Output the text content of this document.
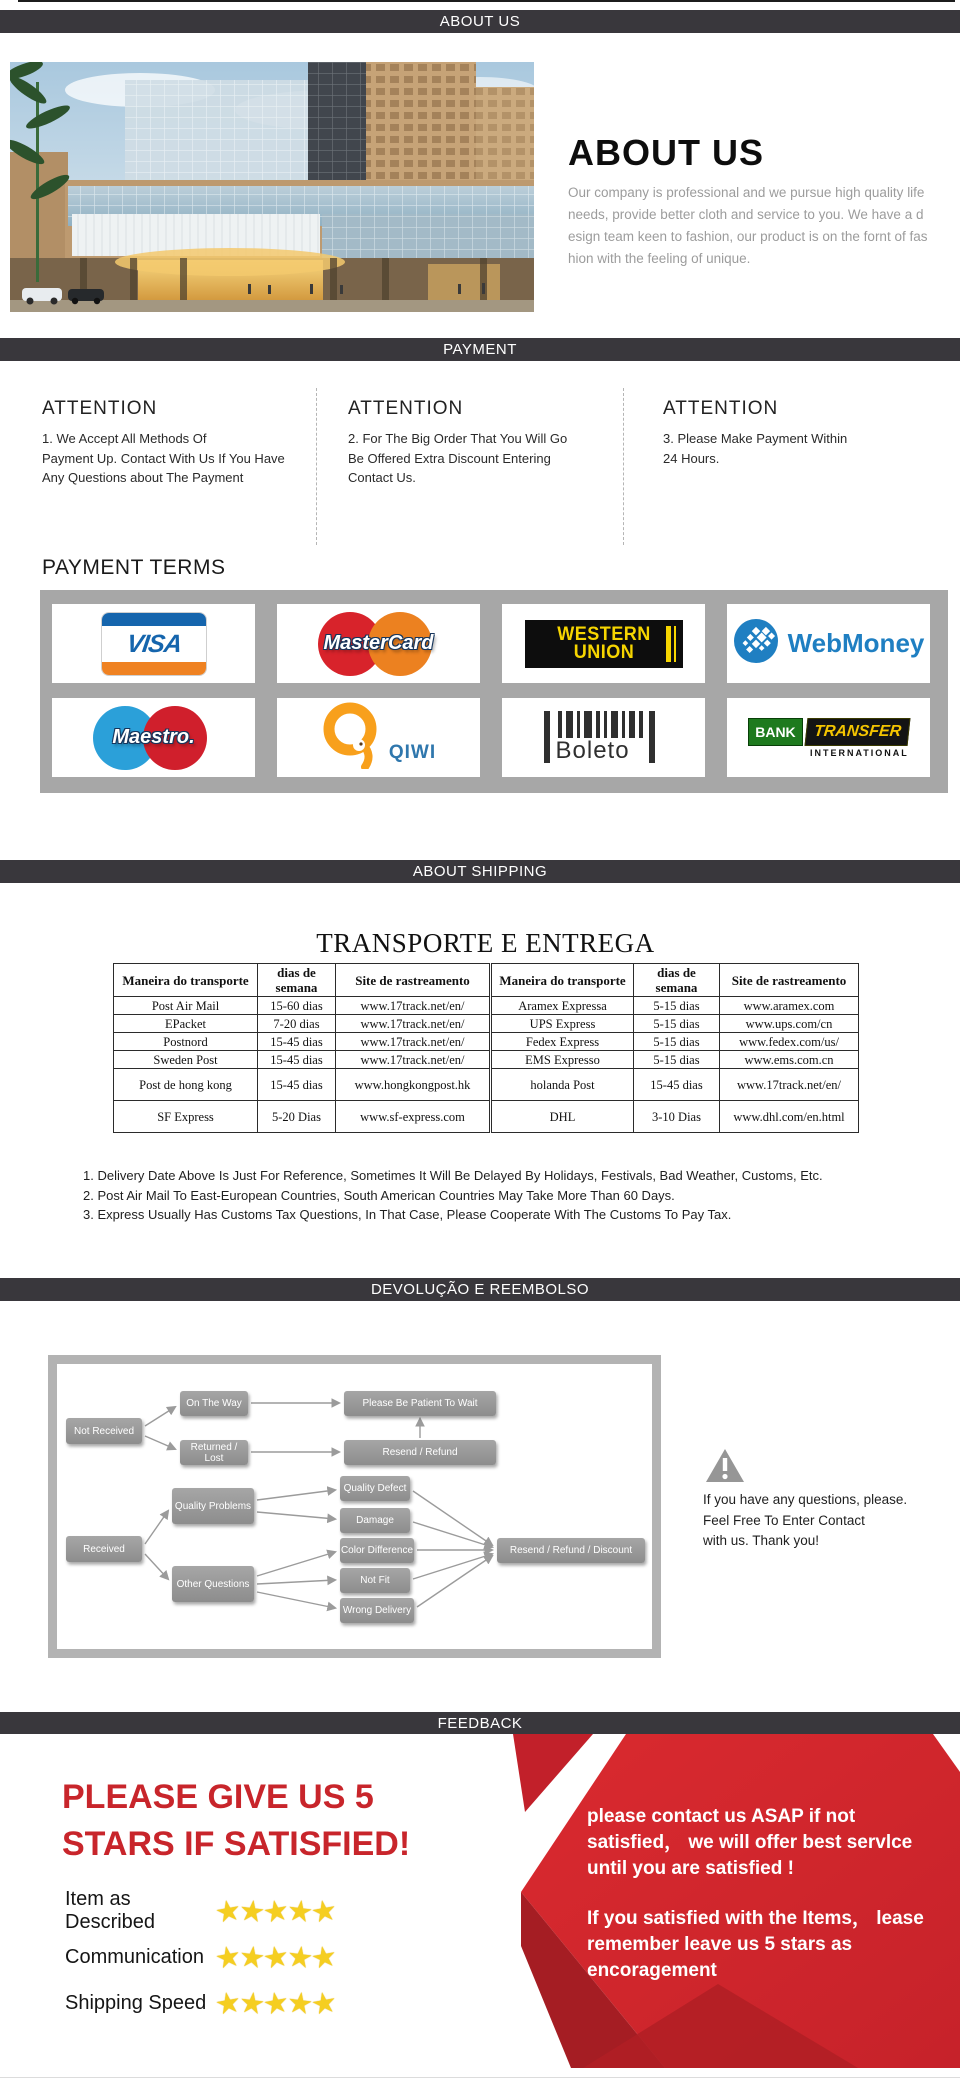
ABOUT US
ABOUT US
Our company is professional and we pursue high quality life
needs, provide better cloth and service to you. We have a d
esign team keen to fashion, our product is on the fornt of fas
hion with the feeling of unique.
PAYMENT
ATTENTION
1. We Accept All Methods Of
Payment Up. Contact With Us If You Have
Any Questions about The Payment
ATTENTION
2. For The Big Order That You Will Go
Be Offered Extra Discount Entering
Contact Us.
ATTENTION
3. Please Make Payment Within
24 Hours.
PAYMENT TERMS
VISA	MasterCard	WESTERN
UNION	WebMoney
Maestro.
QIWI	Boleto
BANK	TRANSFER
INTERNATIONAL
ABOUT SHIPPING
TRANSPORTE E ENTREGA
Maneira do transporte	dias de semana	Site de rastreamento	Maneira do transporte	dias de semana	Site de rastreamento
Post Air Mail	15-60 dias	www.17track.net/en/	Aramex Expressa	5-15 dias	www.aramex.com
EPacket	7-20 dias	www.17track.net/en/	UPS Express	5-15 dias	www.ups.com/cn
Postnord	15-45 dias	www.17track.net/en/	Fedex Express	5-15 dias	www.fedex.com/us/
Sweden Post	15-45 dias	www.17track.net/en/	EMS Expresso	5-15 dias	www.ems.com.cn
Post de hong kong	15-45 dias	www.hongkongpost.hk	holanda Post	15-45 dias	www.17track.net/en/
SF Express	5-20 Dias	www.sf-express.com	DHL	3-10 Dias	www.dhl.com/en.html
1. Delivery Date Above Is Just For Reference, Sometimes It Will Be Delayed By Holidays, Festivals, Bad Weather, Customs, Etc.
2. Post Air Mail To East-European Countries, South American Countries May Take More Than 60 Days.
3. Express Usually Has Customs Tax Questions, In That Case, Please Cooperate With The Customs To Pay Tax.
DEVOLUÇÃO E REEMBOLSO
Not Received
On The Way
Returned / Lost
Please Be Patient To Wait
Resend / Refund
Quality Problems
Received
Other Questions
Quality Defect
Damage
Color Difference
Not Fit
Wrong Delivery
Resend / Refund / Discount
If you have any questions, please.
Feel Free To Enter Contact
with us. Thank you!
FEEDBACK
PLEASE GIVE US 5
STARS IF SATISFIED!
Item as Described	★
★
★
★
★
Communication ★
★
★
★
★
Shipping Speed ★
★
★
★
★
please contact us ASAP if not
satisfied， we will offer best servlce
until you are satisfied !
If you satisfied with the Items， lease
remember leave us 5 stars as
encoragement
